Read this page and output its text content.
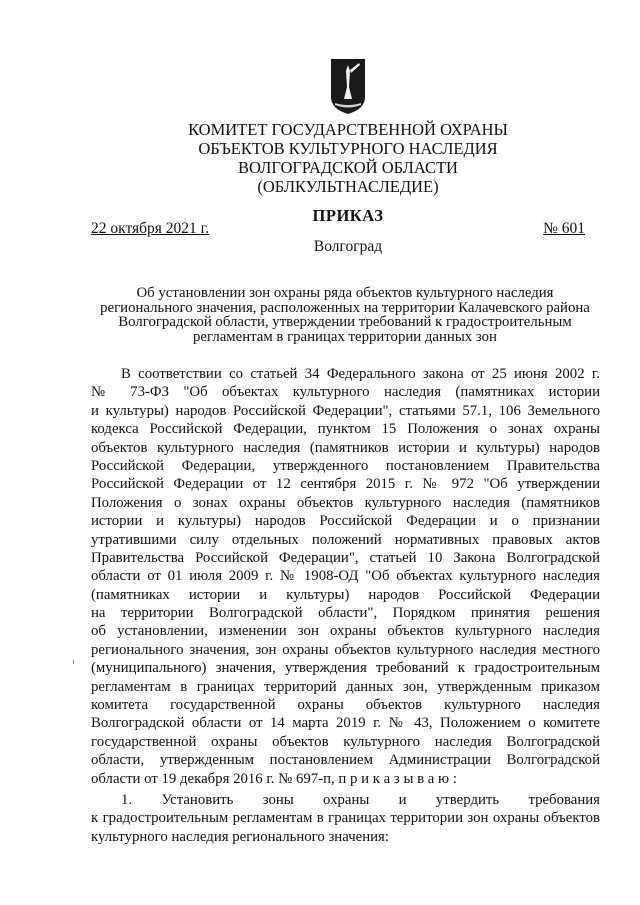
КОМИТЕТ ГОСУДАРСТВЕННОЙ ОХРАНЫ
ОБЪЕКТОВ КУЛЬТУРНОГО НАСЛЕДИЯ
ВОЛГОГРАДСКОЙ ОБЛАСТИ
(ОБЛКУЛЬТНАСЛЕДИЕ)
ПРИКАЗ
22 октября 2021 г.	№ 601
Волгоград
Об установлении зон охраны ряда объектов культурного наследия
регионального значения, расположенных на территории Калачевского района
Волгоградской области, утверждении требований к градостроительным
регламентам в границах территории данных зон
В соответствии со статьей 34 Федерального закона от 25 июня 2002 г.
№ 73-ФЗ "Об объектах культурного наследия (памятниках истории
и культуры) народов Российской Федерации", статьями 57.1, 106 Земельного
кодекса Российской Федерации, пунктом 15 Положения о зонах охраны
объектов культурного наследия (памятников истории и культуры) народов
Российской Федерации, утвержденного постановлением Правительства
Российской Федерации от 12 сентября 2015 г. № 972 "Об утверждении
Положения о зонах охраны объектов культурного наследия (памятников
истории и культуры) народов Российской Федерации и о признании
утратившими силу отдельных положений нормативных правовых актов
Правительства Российской Федерации", статьей 10 Закона Волгоградской
области от 01 июля 2009 г. № 1908-ОД "Об объектах культурного наследия
(памятниках истории и культуры) народов Российской Федерации
на территории Волгоградской области", Порядком принятия решения
об установлении, изменении зон охраны объектов культурного наследия
регионального значения, зон охраны объектов культурного наследия местного
(муниципального) значения, утверждения требований к градостроительным
регламентам в границах территорий данных зон, утвержденным приказом
комитета государственной охраны объектов культурного наследия
Волгоградской области от 14 марта 2019 г. № 43, Положением о комитете
государственной охраны объектов культурного наследия Волгоградской
области, утвержденным постановлением Администрации Волгоградской
области от 19 декабря 2016 г. № 697-п, п р и к а з ы в а ю :
1. Установить зоны охраны и утвердить требования
к градостроительным регламентам в границах территории зон охраны объектов
культурного наследия регионального значения:
